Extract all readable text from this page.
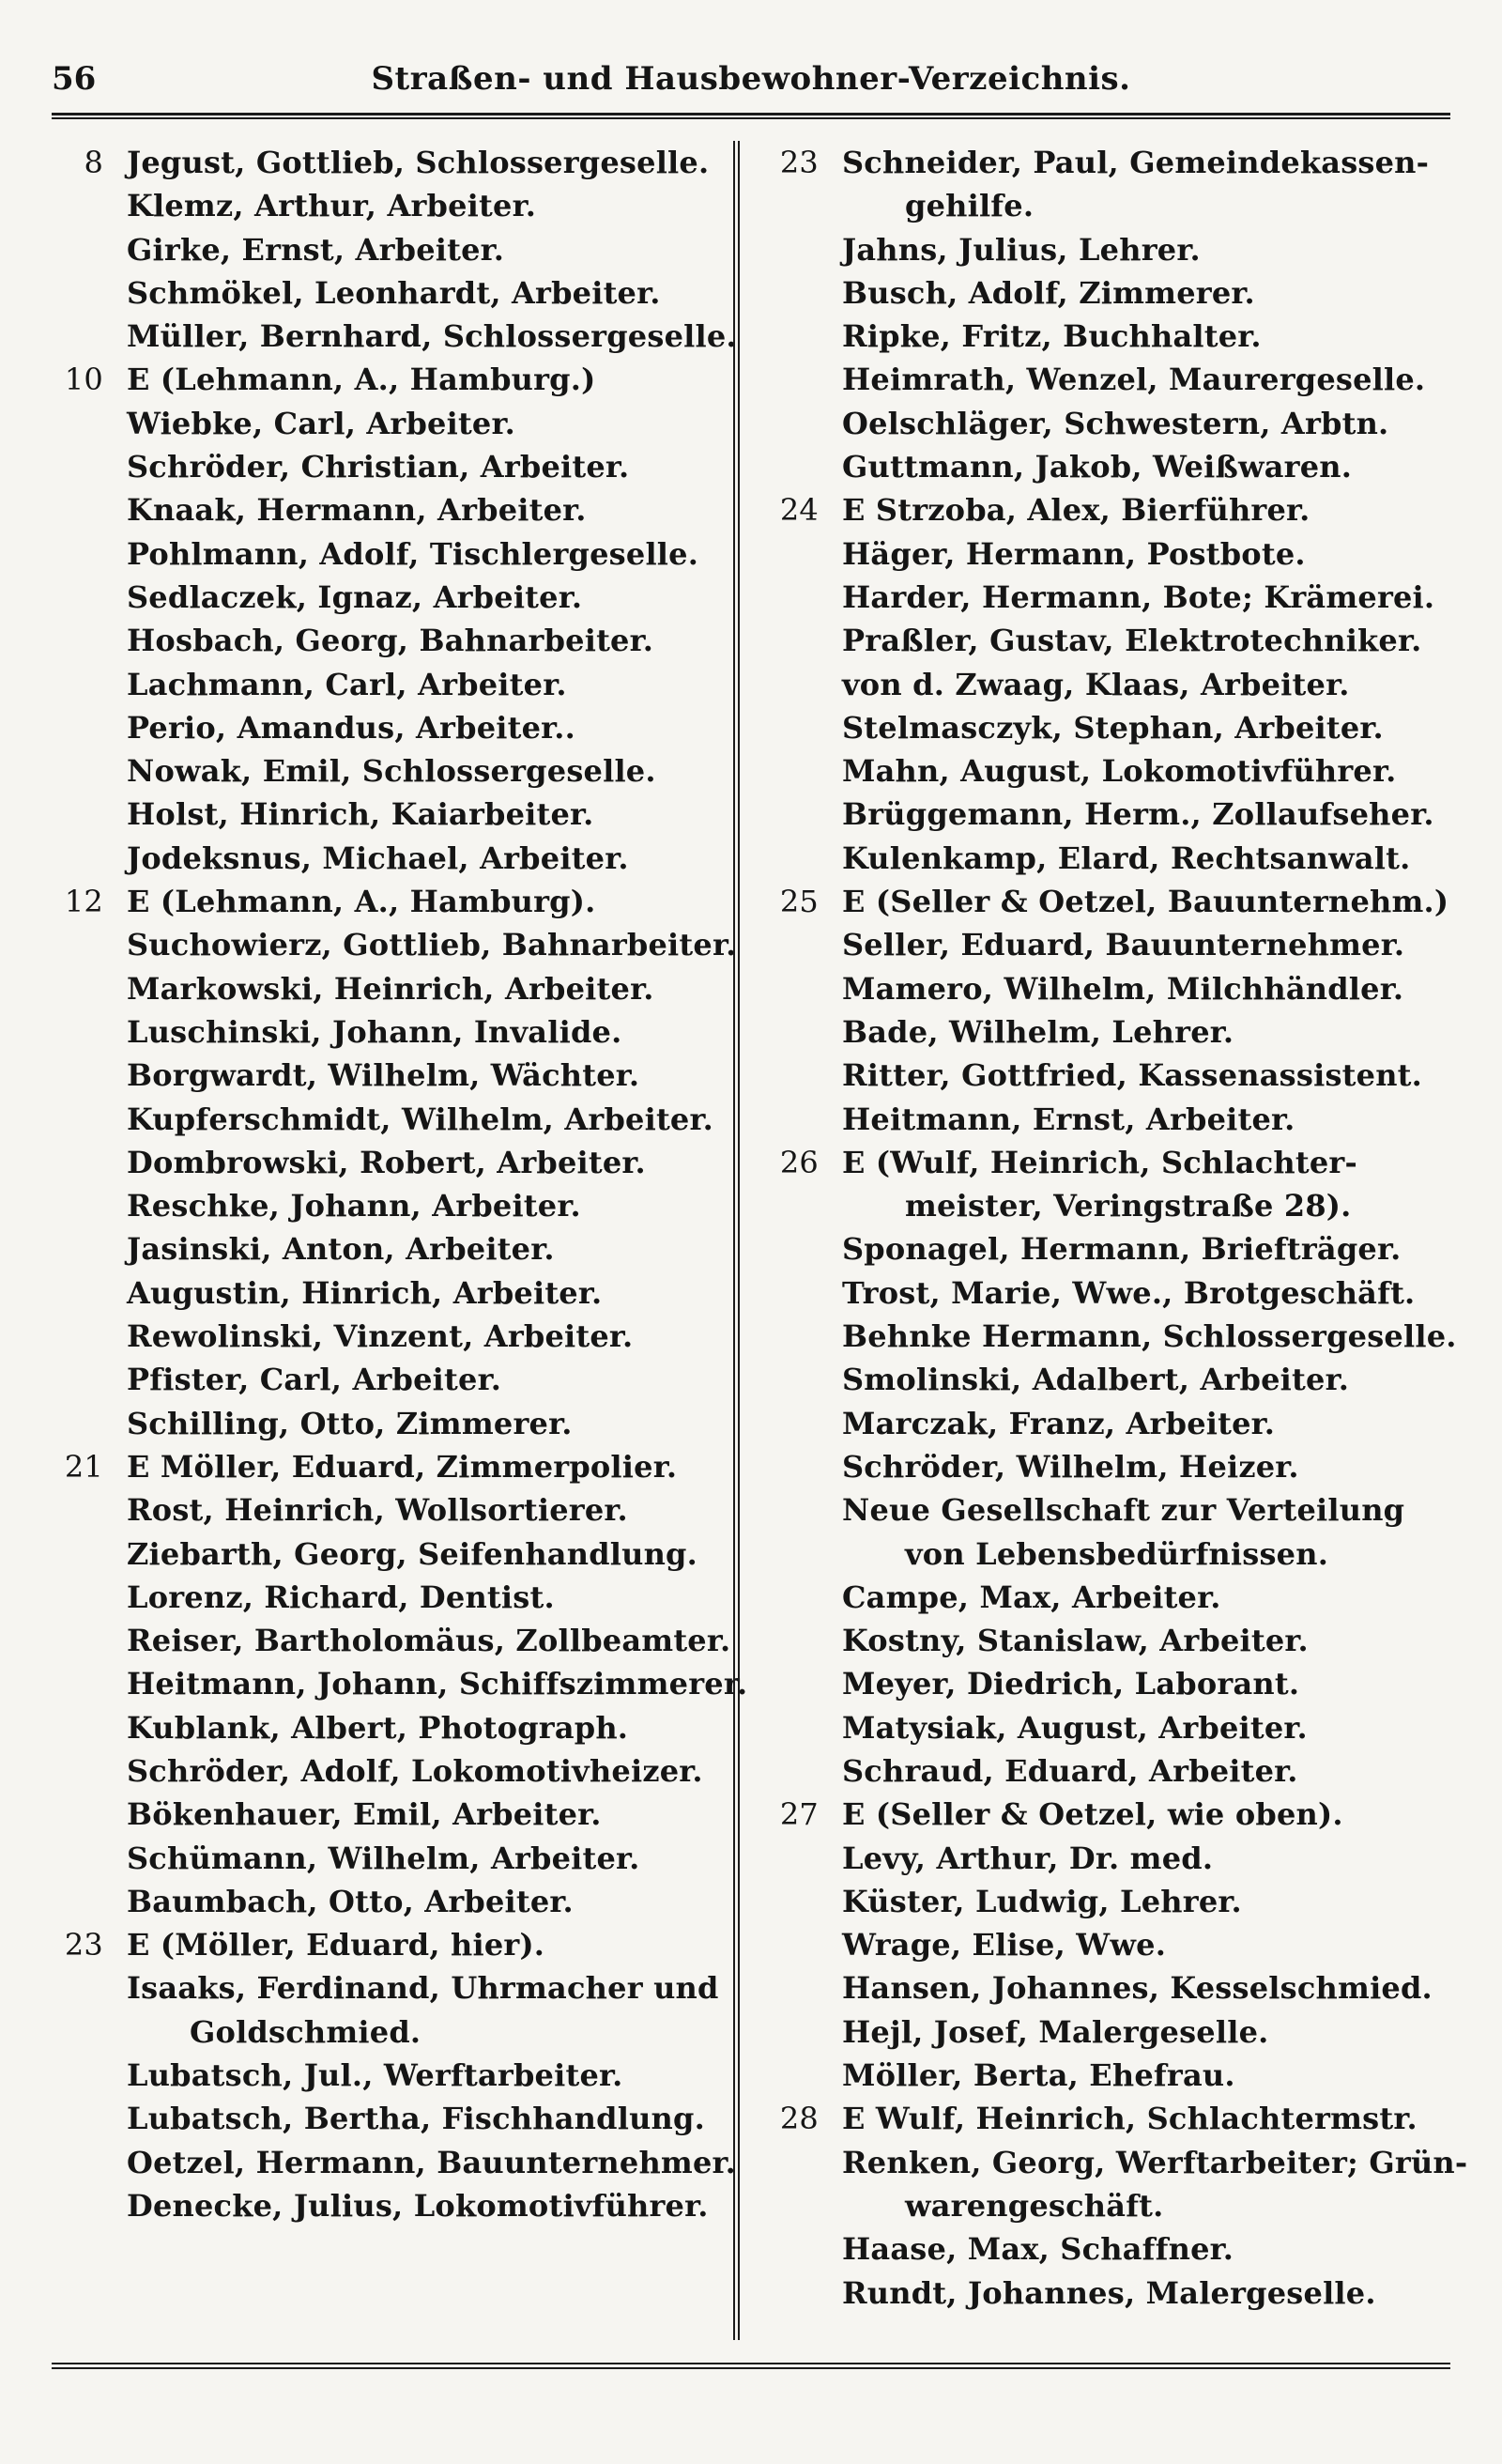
56	Straßen- und Hausbewohner-Verzeichnis.
8 Jegust, Gottlieb, Schlossergeselle.
Klemz, Arthur, Arbeiter.
Girke, Ernst, Arbeiter.
Schmökel, Leonhardt, Arbeiter.
Müller, Bernhard, Schlossergeselle.
10 E (Lehmann, A., Hamburg.)
Wiebke, Carl, Arbeiter.
Schröder, Christian, Arbeiter.
Knaak, Hermann, Arbeiter.
Pohlmann, Adolf, Tischlergeselle.
Sedlaczek, Ignaz, Arbeiter.
Hosbach, Georg, Bahnarbeiter.
Lachmann, Carl, Arbeiter.
Perio, Amandus, Arbeiter..
Nowak, Emil, Schlossergeselle.
Holst, Hinrich, Kaiarbeiter.
Jodeksnus, Michael, Arbeiter.
12 E (Lehmann, A., Hamburg).
Suchowierz, Gottlieb, Bahnarbeiter.
Markowski, Heinrich, Arbeiter.
Luschinski, Johann, Invalide.
Borgwardt, Wilhelm, Wächter.
Kupferschmidt, Wilhelm, Arbeiter.
Dombrowski, Robert, Arbeiter.
Reschke, Johann, Arbeiter.
Jasinski, Anton, Arbeiter.
Augustin, Hinrich, Arbeiter.
Rewolinski, Vinzent, Arbeiter.
Pfister, Carl, Arbeiter.
Schilling, Otto, Zimmerer.
21 E Möller, Eduard, Zimmerpolier.
Rost, Heinrich, Wollsortierer.
Ziebarth, Georg, Seifenhandlung.
Lorenz, Richard, Dentist.
Reiser, Bartholomäus, Zollbeamter.
Heitmann, Johann, Schiffszimmerer.
Kublank, Albert, Photograph.
Schröder, Adolf, Lokomotivheizer.
Bökenhauer, Emil, Arbeiter.
Schümann, Wilhelm, Arbeiter.
Baumbach, Otto, Arbeiter.
23 E (Möller, Eduard, hier).
Isaaks, Ferdinand, Uhrmacher und
Goldschmied.
Lubatsch, Jul., Werftarbeiter.
Lubatsch, Bertha, Fischhandlung.
Oetzel, Hermann, Bauunternehmer.
Denecke, Julius, Lokomotivführer.
23 Schneider, Paul, Gemeindekassen-
gehilfe.
Jahns, Julius, Lehrer.
Busch, Adolf, Zimmerer.
Ripke, Fritz, Buchhalter.
Heimrath, Wenzel, Maurergeselle.
Oelschläger, Schwestern, Arbtn.
Guttmann, Jakob, Weißwaren.
24 E Strzoba, Alex, Bierführer.
Häger, Hermann, Postbote.
Harder, Hermann, Bote; Krämerei.
Praßler, Gustav, Elektrotechniker.
von d. Zwaag, Klaas, Arbeiter.
Stelmasczyk, Stephan, Arbeiter.
Mahn, August, Lokomotivführer.
Brüggemann, Herm., Zollaufseher.
Kulenkamp, Elard, Rechtsanwalt.
25 E (Seller & Oetzel, Bauunternehm.)
Seller, Eduard, Bauunternehmer.
Mamero, Wilhelm, Milchhändler.
Bade, Wilhelm, Lehrer.
Ritter, Gottfried, Kassenassistent.
Heitmann, Ernst, Arbeiter.
26 E (Wulf, Heinrich, Schlachter-
meister, Veringstraße 28).
Sponagel, Hermann, Briefträger.
Trost, Marie, Wwe., Brotgeschäft.
Behnke Hermann, Schlossergeselle.
Smolinski, Adalbert, Arbeiter.
Marczak, Franz, Arbeiter.
Schröder, Wilhelm, Heizer.
Neue Gesellschaft zur Verteilung
von Lebensbedürfnissen.
Campe, Max, Arbeiter.
Kostny, Stanislaw, Arbeiter.
Meyer, Diedrich, Laborant.
Matysiak, August, Arbeiter.
Schraud, Eduard, Arbeiter.
27 E (Seller & Oetzel, wie oben).
Levy, Arthur, Dr. med.
Küster, Ludwig, Lehrer.
Wrage, Elise, Wwe.
Hansen, Johannes, Kesselschmied.
Hejl, Josef, Malergeselle.
Möller, Berta, Ehefrau.
28 E Wulf, Heinrich, Schlachtermstr.
Renken, Georg, Werftarbeiter; Grün-
warengeschäft.
Haase, Max, Schaffner.
Rundt, Johannes, Malergeselle.
